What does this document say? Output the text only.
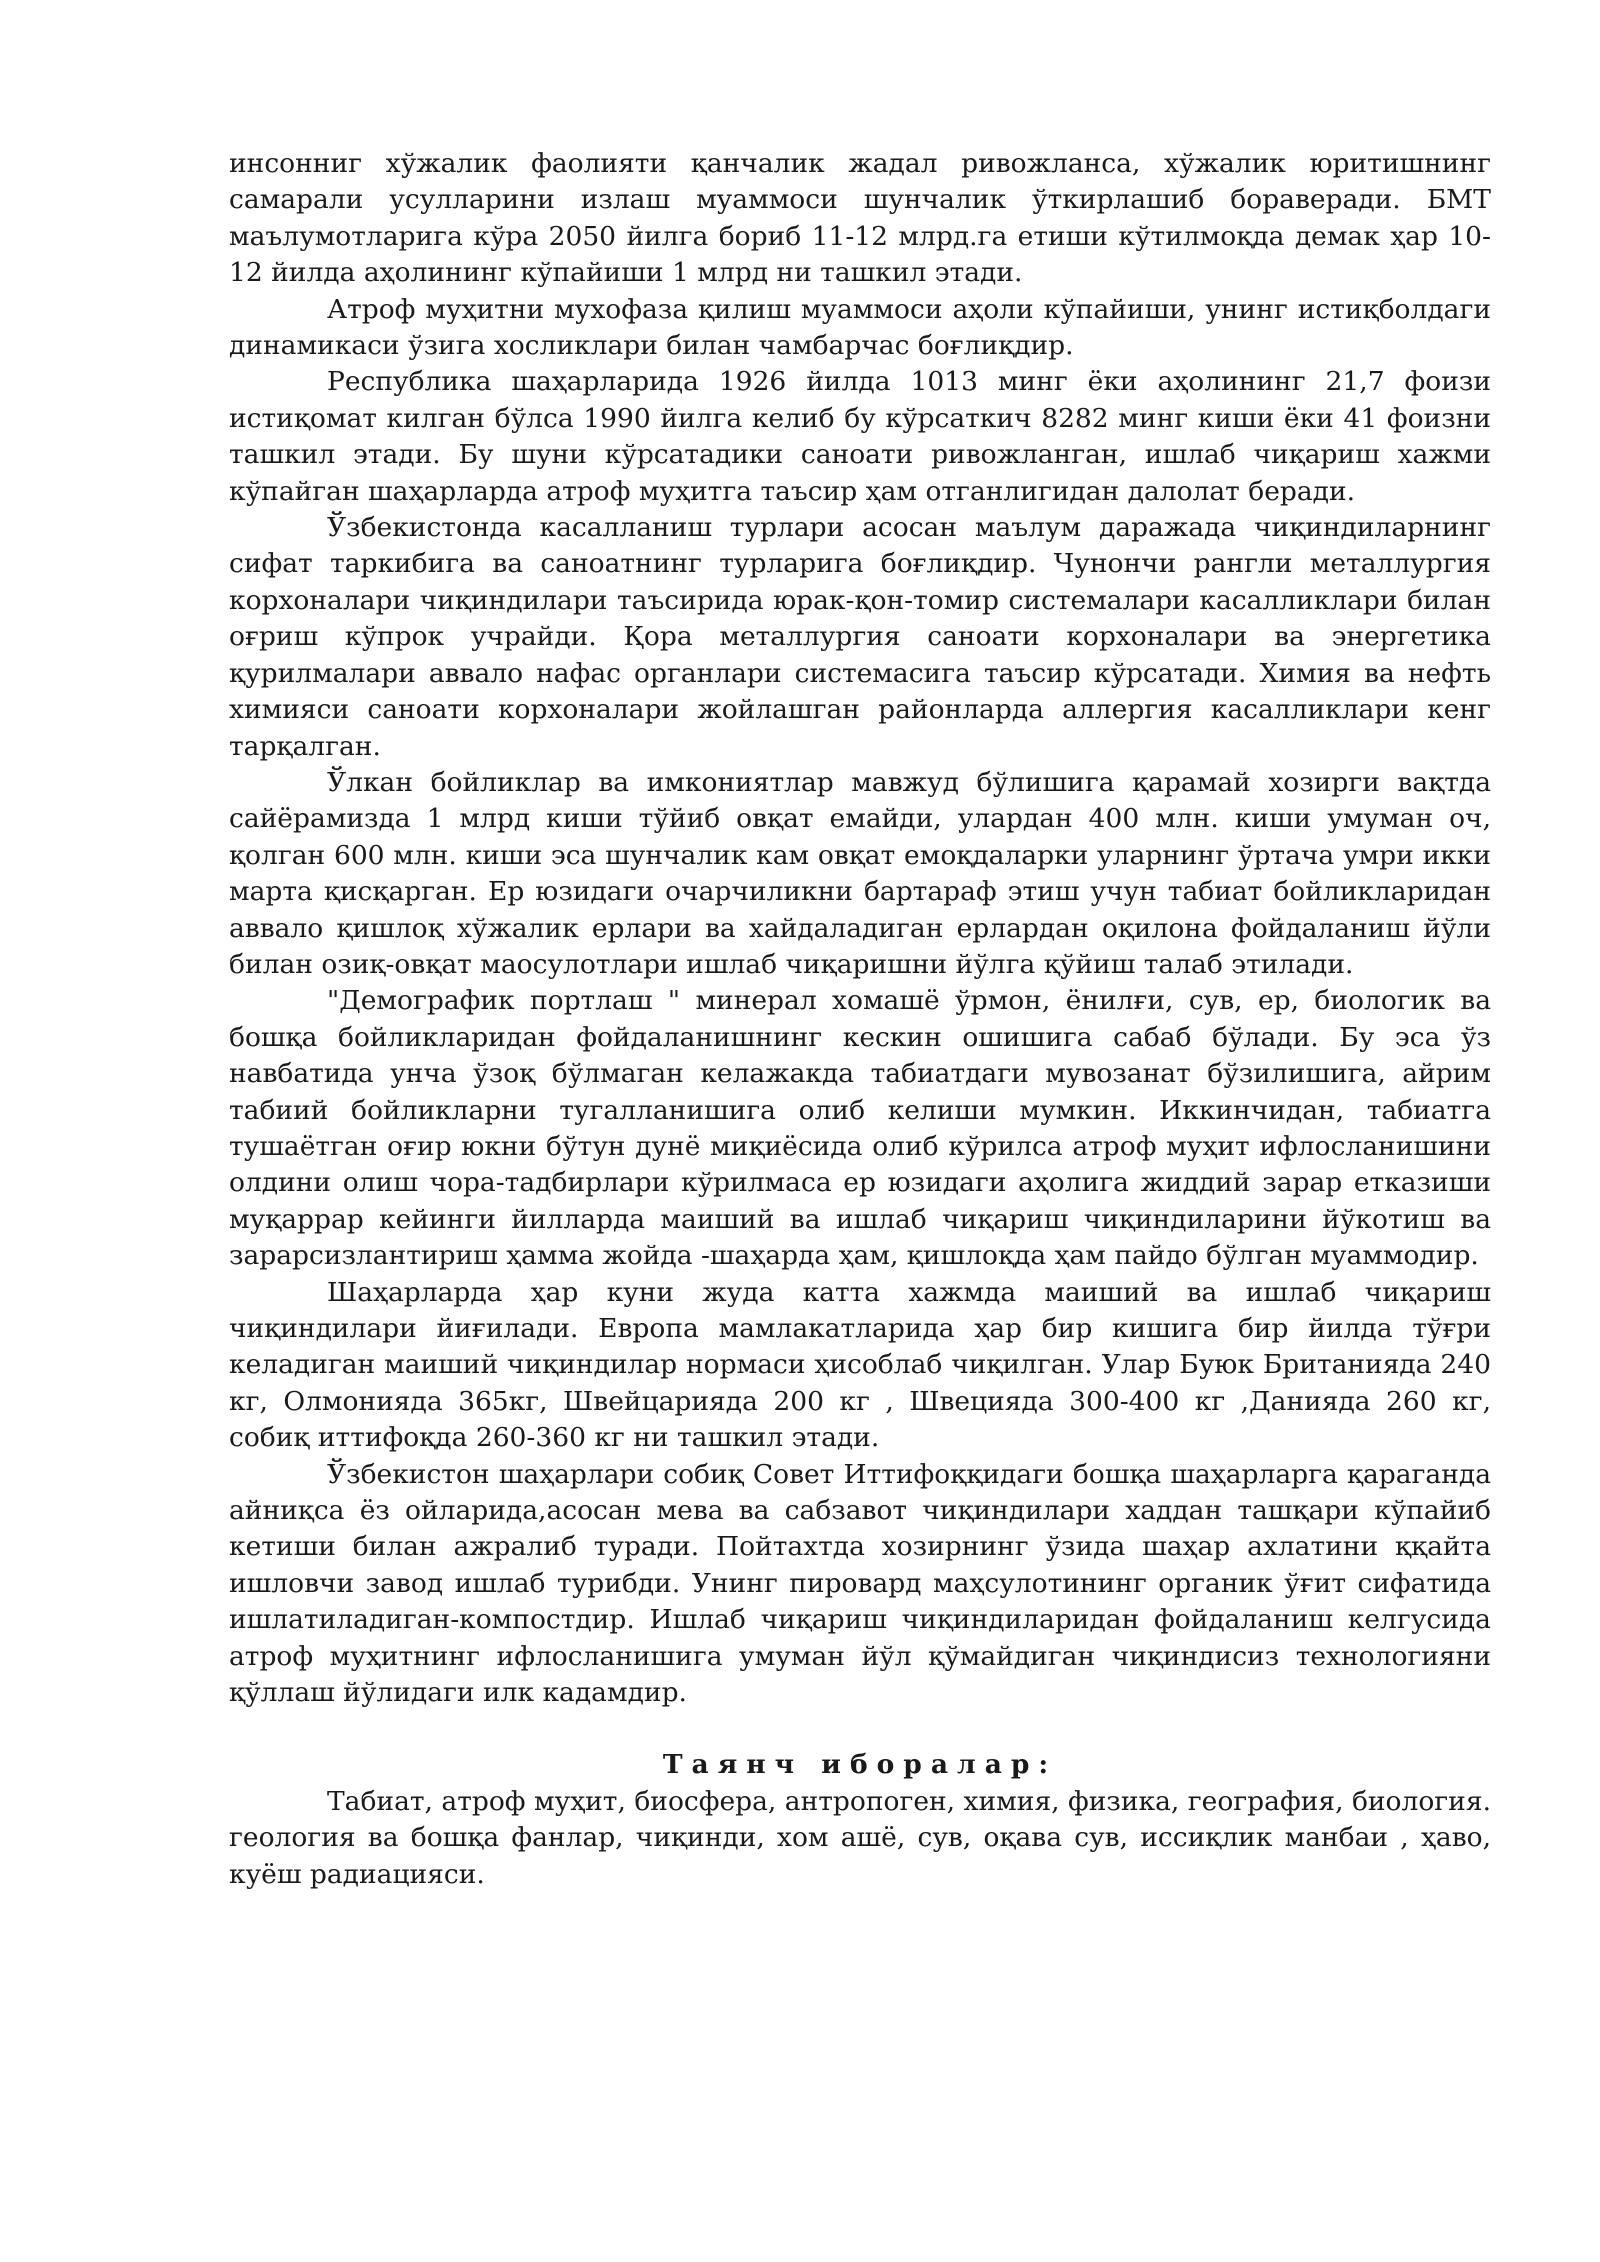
инсонниг хўжалик фаолияти қанчалик жадал ривожланса, хўжалик юритишнинг самарали усулларини излаш муаммоси шунчалик ўткирлашиб бораверади. БМТ маълумотларига кўра 2050 йилга бориб 11-12 млрд.га етиши кўтилмоқда демак ҳар 10-12 йилда аҳолининг кўпайиши 1 млрд ни ташкил этади.

Атроф муҳитни мухофаза қилиш муаммоси аҳоли кўпайиши, унинг истиқболдаги динамикаси ўзига хосликлари билан чамбарчас боғлиқдир.

Республика шаҳарларида 1926 йилда 1013 минг ёки аҳолининг 21,7 фоизи истиқомат килган бўлса 1990 йилга келиб бу кўрсаткич 8282 минг киши ёки 41 фоизни ташкил этади. Бу шуни кўрсатадики саноати ривожланган, ишлаб чиқариш хажми кўпайган шаҳарларда атроф муҳитга таъсир ҳам отганлигидан далолат беради.

Ўзбекистонда касалланиш турлари асосан маълум даражада чиқиндиларнинг сифат таркибига ва саноатнинг турларига боғлиқдир. Чунончи рангли металлургия корхоналари чиқиндилари таъсирида юрак-қон-томир системалари касалликлари билан оғриш кўпрок учрайди. Қора металлургия саноати корхоналари ва энергетика қурилмалари аввало нафас органлари системасига таъсир кўрсатади. Химия ва нефть химияси саноати корхоналари жойлашган районларда аллергия касалликлари кенг тарқалган.

Ўлкан бойликлар ва имкониятлар мавжуд бўлишига қарамай хозирги вақтда сайёрамизда 1 млрд киши тўйиб овқат емайди, улардан 400 млн. киши умуман оч, қолган 600 млн. киши эса шунчалик кам овқат емоқдаларки уларнинг ўртача умри икки марта қисқарган. Ер юзидаги очарчиликни бартараф этиш учун табиат бойликларидан аввало қишлоқ хўжалик ерлари ва хайдаладиган ерлардан оқилона фойдаланиш йўли билан озиқ-овқат маосулотлари ишлаб чиқаришни йўлга қўйиш талаб этилади.

"Демографик портлаш " минерал хомашё ўрмон, ёнилғи, сув, ер, биологик ва бошқа бойликларидан фойдаланишнинг кескин ошишига сабаб бўлади. Бу эса ўз навбатида унча ўзоқ бўлмаган келажакда табиатдаги мувозанат бўзилишига, айрим табиий бойликларни тугалланишига олиб келиши мумкин. Иккинчидан, табиатга тушаётган оғир юкни бўтун дунё миқиёсида олиб кўрилса атроф муҳит ифлосланишини олдини олиш чора-тадбирлари кўрилмаса ер юзидаги аҳолига жиддий зарар етказиши муқаррар кейинги йилларда маиший ва ишлаб чиқариш чиқиндиларини йўкотиш ва зарарсизлантириш ҳамма жойда -шаҳарда ҳам, қишлоқда ҳам пайдо бўлган муаммодир.

Шаҳарларда ҳар куни жуда катта хажмда маиший ва ишлаб чиқариш чиқиндилари йиғилади. Европа мамлакатларида ҳар бир кишига бир йилда тўғри келадиган маиший чиқиндилар нормаси ҳисоблаб чиқилган. Улар Буюк Британияда 240 кг, Олмонияда 365кг, Швейцарияда 200 кг , Швецияда 300-400 кг ,Данияда 260 кг, собиқ иттифоқда 260-360 кг ни ташкил этади.

Ўзбекистон шаҳарлари собиқ Совет Иттифоққидаги бошқа шаҳарларга қараганда айниқса ёз ойларида,асосан мева ва сабзавот чиқиндилари хаддан ташқари кўпайиб кетиши билан ажралиб туради. Пойтахтда хозирнинг ўзида шаҳар ахлатини ққайта ишловчи завод ишлаб турибди. Унинг пировард маҳсулотининг органик ўғит сифатида ишлатиладиган-компостдир. Ишлаб чиқариш чиқиндиларидан фойдаланиш келгусида атроф муҳитнинг ифлосланишига умуман йўл қўмайдиган чиқиндисиз технологияни қўллаш йўлидаги илк кадамдир.

Таянч иборалар:

Табиат, атроф муҳит, биосфера, антропоген, химия, физика, география, биология. геология ва бошқа фанлар, чиқинди, хом ашё, сув, оқава сув, иссиқлик манбаи , ҳаво, куёш радиацияси.
